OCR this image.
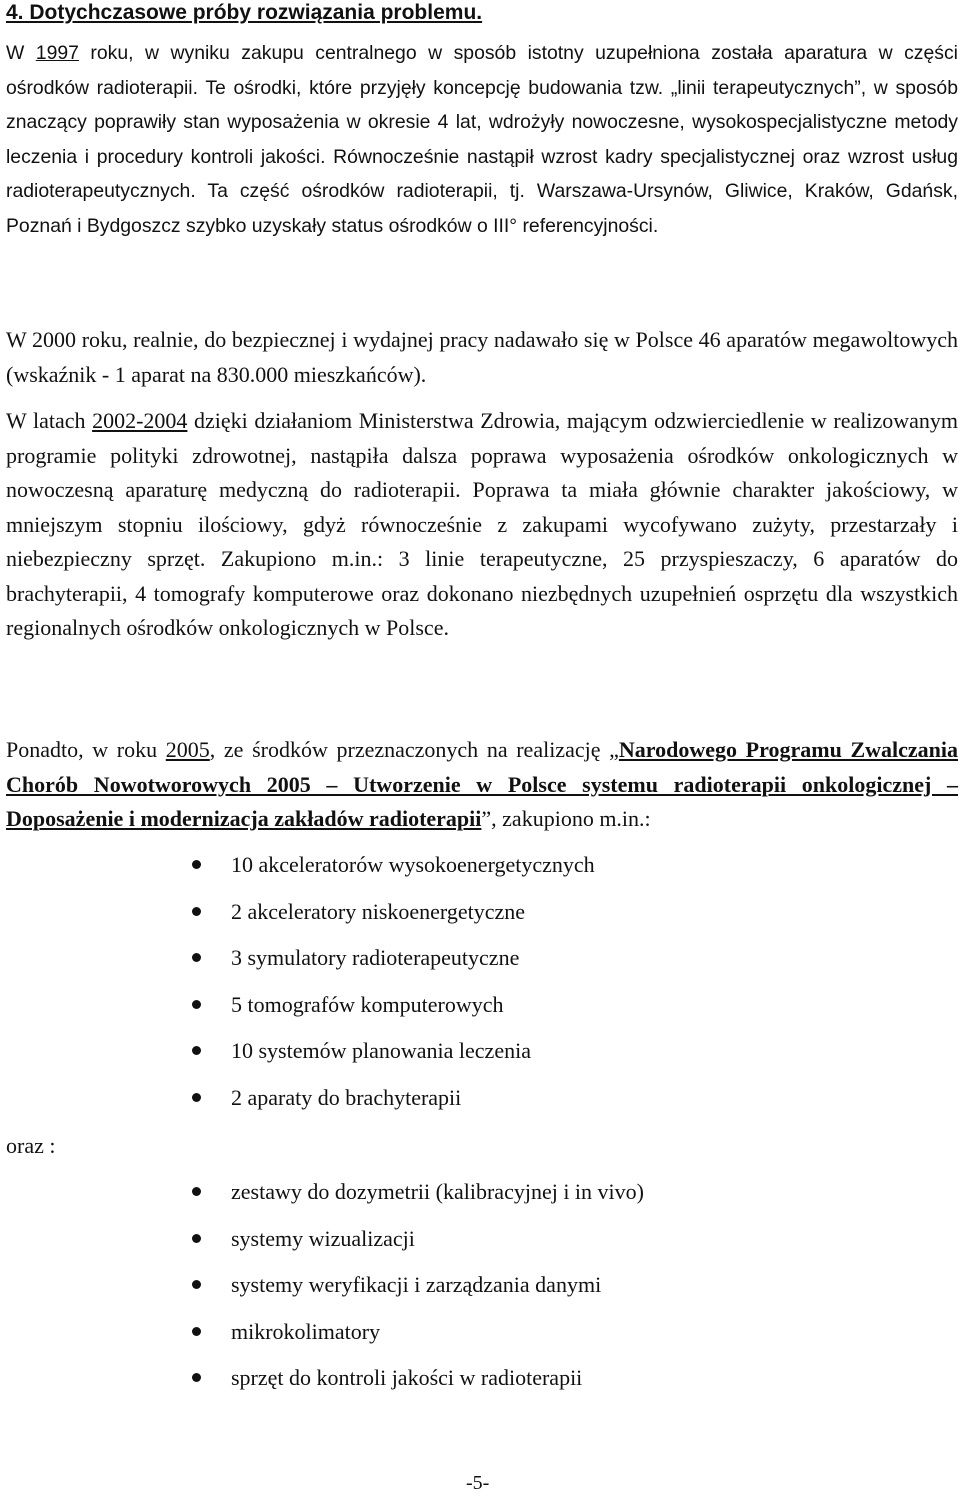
4. Dotychczasowe próby rozwiązania problemu.

W 1997 roku, w wyniku zakupu centralnego w sposób istotny uzupełniona została aparatura w części ośrodków radioterapii. Te ośrodki, które przyjęły koncepcję budowania tzw. „linii terapeutycznych”, w sposób znaczący poprawiły stan wyposażenia w okresie 4 lat, wdrożyły nowoczesne, wysokospecjalistyczne metody leczenia i procedury kontroli jakości. Równocześnie nastąpił wzrost kadry specjalistycznej oraz wzrost usług radioterapeutycznych. Ta część ośrodków radioterapii, tj. Warszawa-Ursynów, Gliwice, Kraków, Gdańsk, Poznań i Bydgoszcz szybko uzyskały status ośrodków o III° referencyjności.

W 2000 roku, realnie, do bezpiecznej i wydajnej pracy nadawało się w Polsce 46 aparatów megawoltowych (wskaźnik - 1 aparat na 830.000 mieszkańców).

W latach 2002-2004 dzięki działaniom Ministerstwa Zdrowia, mającym odzwierciedlenie w realizowanym programie polityki zdrowotnej, nastąpiła dalsza poprawa wyposażenia ośrodków onkologicznych w nowoczesną aparaturę medyczną do radioterapii. Poprawa ta miała głównie charakter jakościowy, w mniejszym stopniu ilościowy, gdyż równocześnie z zakupami wycofywano zużyty, przestarzały i niebezpieczny sprzęt. Zakupiono m.in.: 3 linie terapeutyczne, 25 przyspieszaczy, 6 aparatów do brachyterapii, 4 tomografy komputerowe oraz dokonano niezbędnych uzupełnień osprzętu dla wszystkich regionalnych ośrodków onkologicznych w Polsce.

Ponadto, w roku 2005, ze środków przeznaczonych na realizację „Narodowego Programu Zwalczania Chorób Nowotworowych 2005 – Utworzenie w Polsce systemu radioterapii onkologicznej – Doposażenie i modernizacja zakładów radioterapii”, zakupiono m.in.:

10 akceleratorów wysokoenergetycznych
2 akceleratory niskoenergetyczne
3 symulatory radioterapeutyczne
5 tomografów komputerowych
10 systemów planowania leczenia
2 aparaty do brachyterapii
oraz :
zestawy do dozymetrii (kalibracyjnej i in vivo)
systemy wizualizacji
systemy weryfikacji i zarządzania danymi
mikrokolimatory
sprzęt do kontroli jakości w radioterapii
-5-
